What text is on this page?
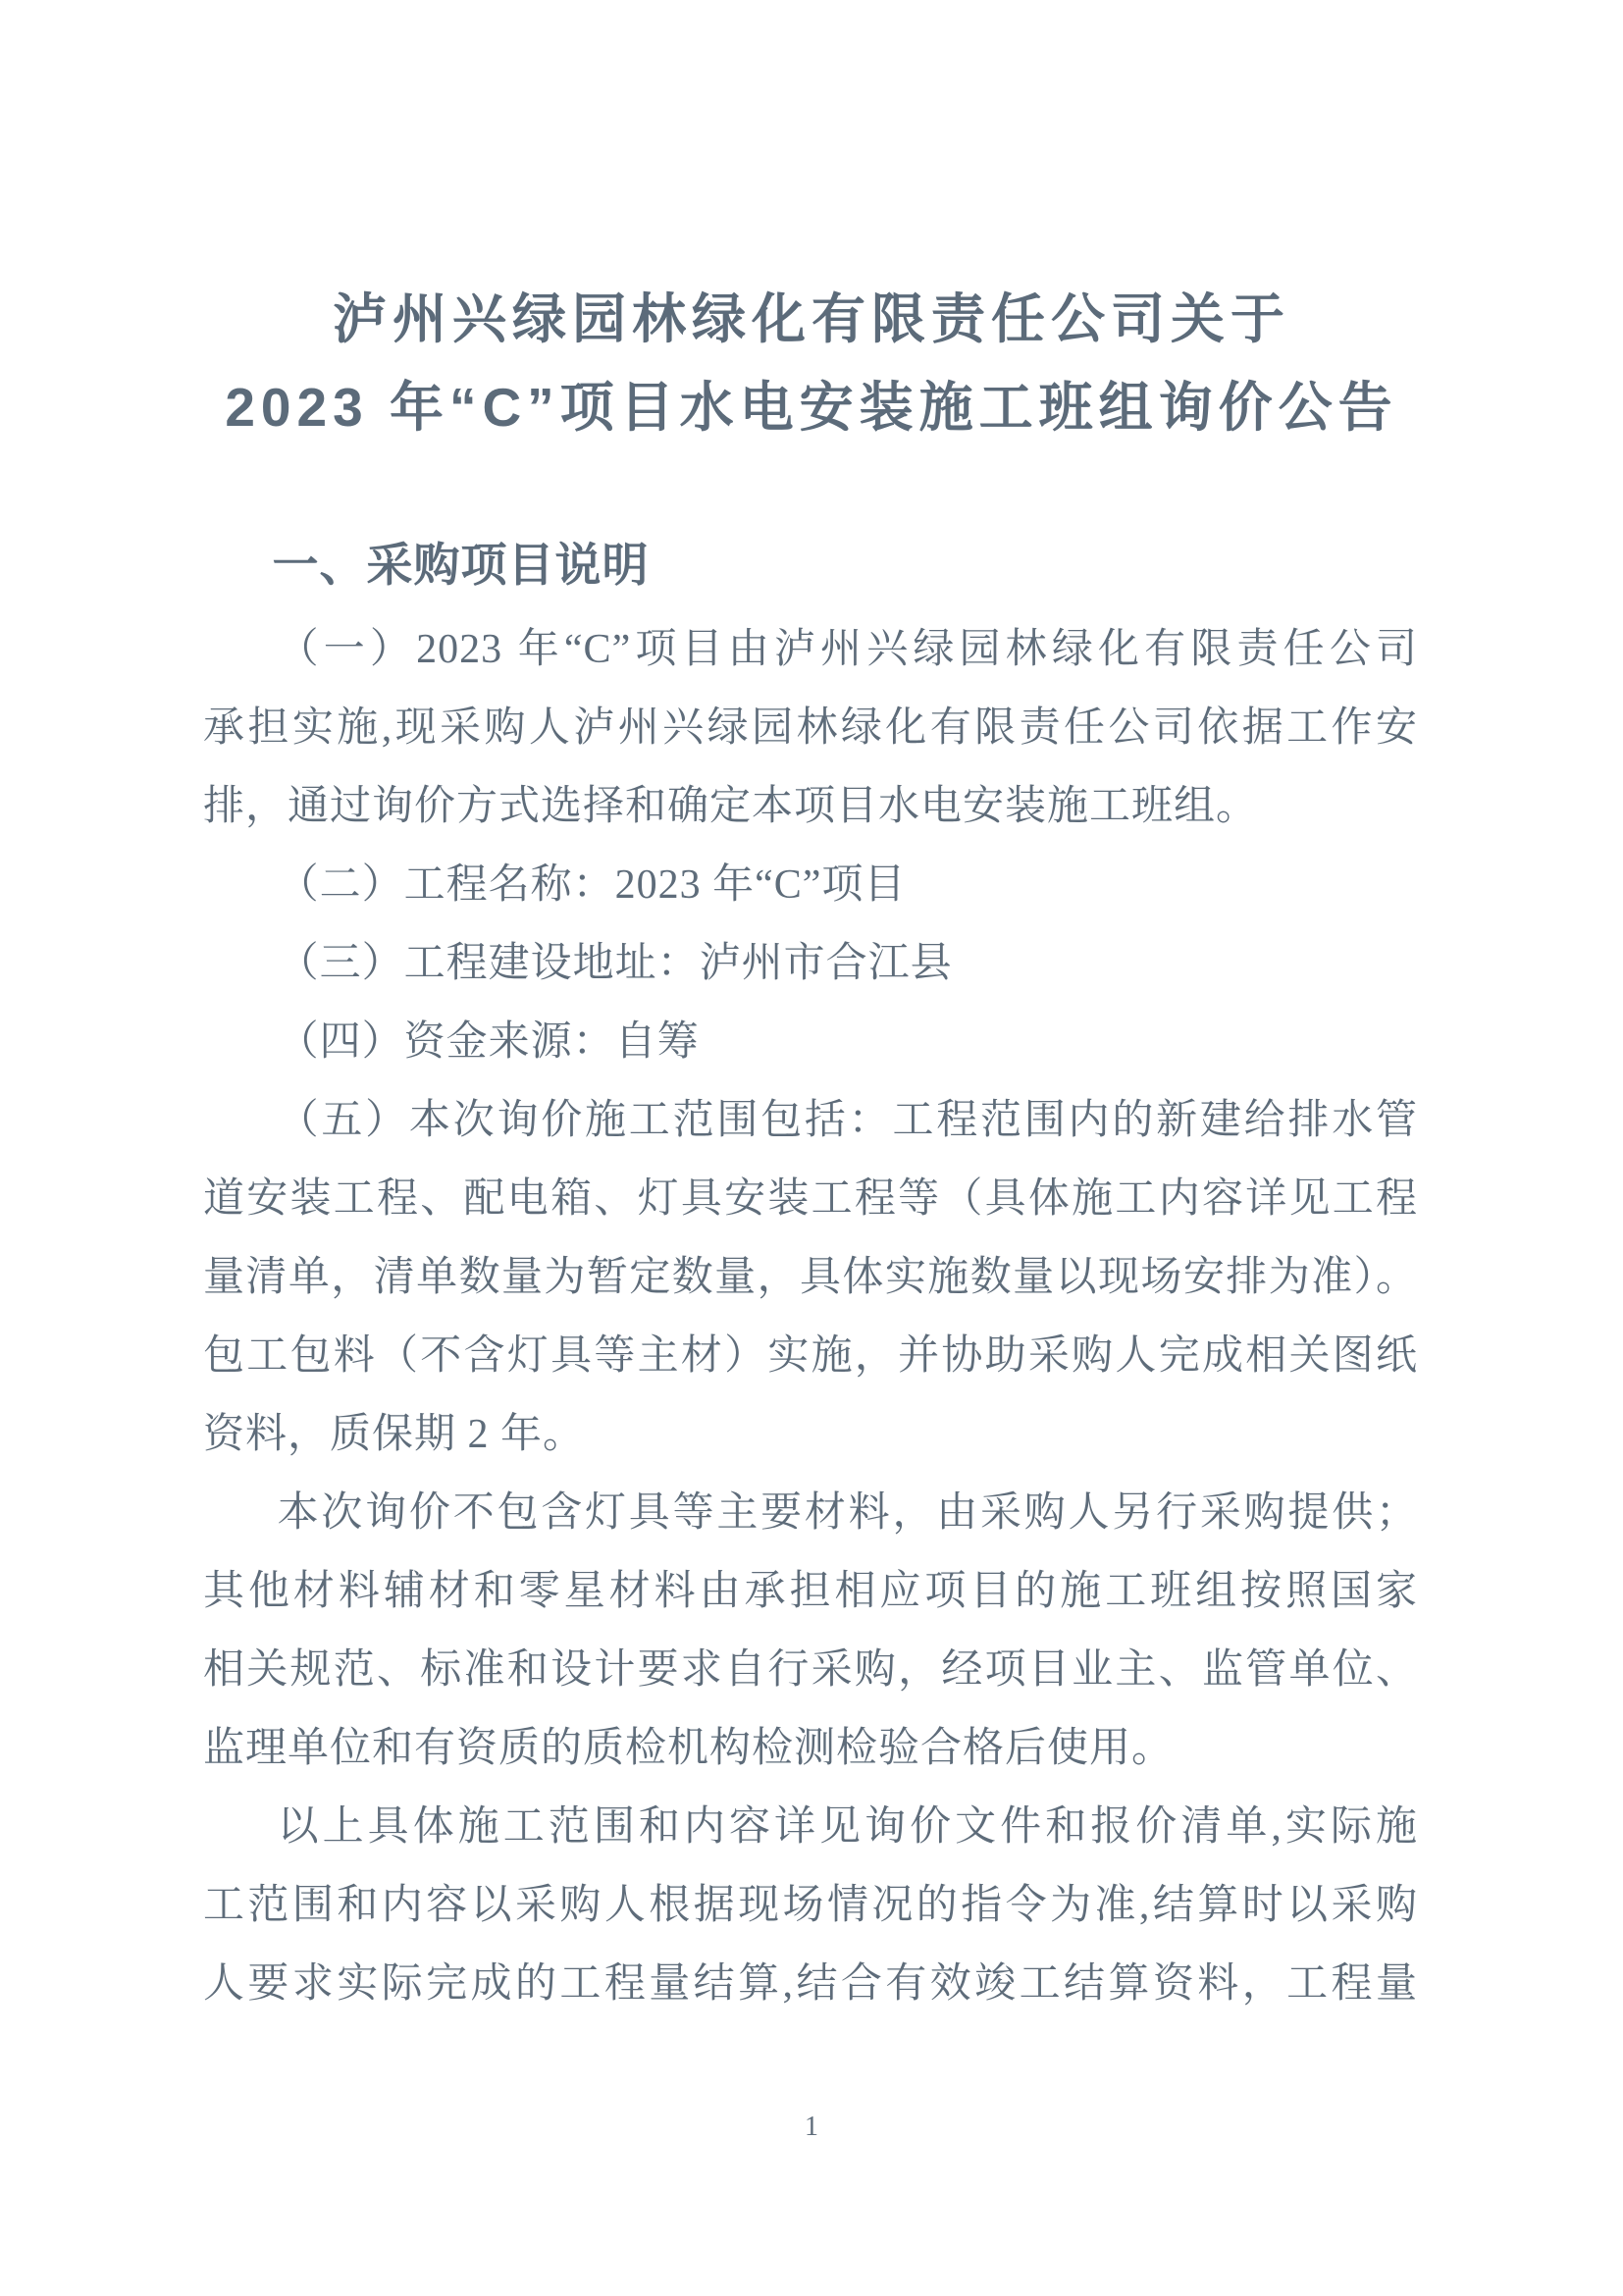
泸州兴绿园林绿化有限责任公司关于
2023 年“C”项目水电安装施工班组询价公告
一、采购项目说明
（一）2023 年“C”项目由泸州兴绿园林绿化有限责任公司
承担实施,现采购人泸州兴绿园林绿化有限责任公司依据工作安
排，通过询价方式选择和确定本项目水电安装施工班组。
（二）工程名称：2023 年“C”项目
（三）工程建设地址：泸州市合江县
（四）资金来源：自筹
（五）本次询价施工范围包括：工程范围内的新建给排水管
道安装工程、配电箱、灯具安装工程等（具体施工内容详见工程
量清单，清单数量为暂定数量，具体实施数量以现场安排为准）。
包工包料（不含灯具等主材）实施，并协助采购人完成相关图纸
资料，质保期 2 年。
本次询价不包含灯具等主要材料，由采购人另行采购提供；
其他材料辅材和零星材料由承担相应项目的施工班组按照国家
相关规范、标准和设计要求自行采购，经项目业主、监管单位、
监理单位和有资质的质检机构检测检验合格后使用。
以上具体施工范围和内容详见询价文件和报价清单,实际施
工范围和内容以采购人根据现场情况的指令为准,结算时以采购
人要求实际完成的工程量结算,结合有效竣工结算资料，工程量
1
